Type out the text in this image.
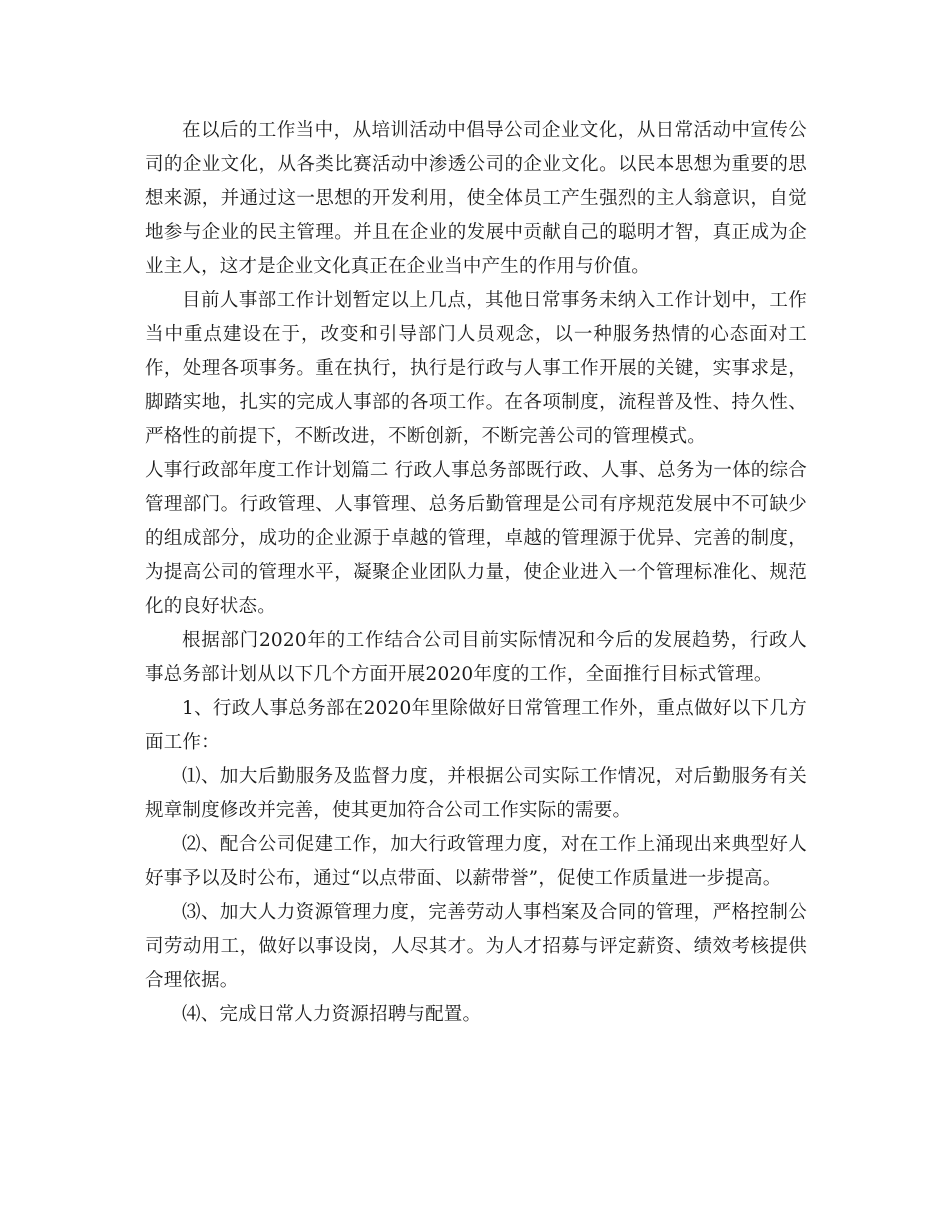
在以后的工作当中，从培训活动中倡导公司企业文化，从日常活动中宣传公司的企业文化，从各类比赛活动中渗透公司的企业文化。以民本思想为重要的思想来源，并通过这一思想的开发利用，使全体员工产生强烈的主人翁意识，自觉地参与企业的民主管理。并且在企业的发展中贡献自己的聪明才智，真正成为企业主人，这才是企业文化真正在企业当中产生的作用与价值。

目前人事部工作计划暂定以上几点，其他日常事务未纳入工作计划中，工作当中重点建设在于，改变和引导部门人员观念，以一种服务热情的心态面对工作，处理各项事务。重在执行，执行是行政与人事工作开展的关键，实事求是，脚踏实地，扎实的完成人事部的各项工作。在各项制度，流程普及性、持久性、严格性的前提下，不断改进，不断创新，不断完善公司的管理模式。

人事行政部年度工作计划篇二 行政人事总务部既行政、人事、总务为一体的综合管理部门。行政管理、人事管理、总务后勤管理是公司有序规范发展中不可缺少的组成部分，成功的企业源于卓越的管理，卓越的管理源于优异、完善的制度，为提高公司的管理水平，凝聚企业团队力量，使企业进入一个管理标准化、规范化的良好状态。

根据部门2020年的工作结合公司目前实际情况和今后的发展趋势，行政人事总务部计划从以下几个方面开展2020年度的工作，全面推行目标式管理。

1、行政人事总务部在2020年里除做好日常管理工作外，重点做好以下几方面工作：

⑴、加大后勤服务及监督力度，并根据公司实际工作情况，对后勤服务有关规章制度修改并完善，使其更加符合公司工作实际的需要。

⑵、配合公司促建工作，加大行政管理力度，对在工作上涌现出来典型好人好事予以及时公布，通过“以点带面、以薪带誉”，促使工作质量进一步提高。

⑶、加大人力资源管理力度，完善劳动人事档案及合同的管理，严格控制公司劳动用工，做好以事设岗，人尽其才。为人才招募与评定薪资、绩效考核提供合理依据。

⑷、完成日常人力资源招聘与配置。
